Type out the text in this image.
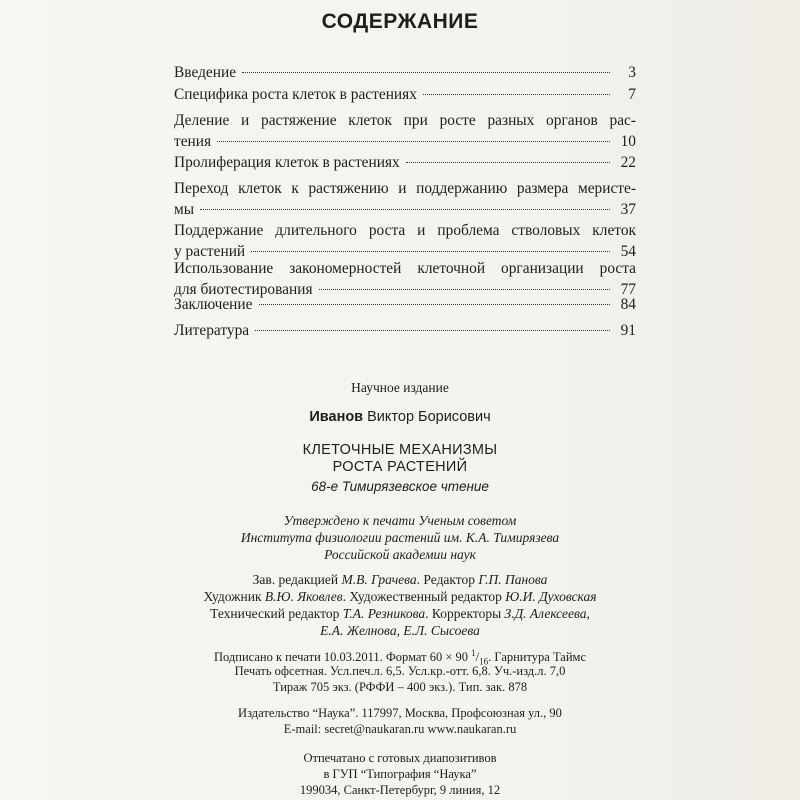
СОДЕРЖАНИЕ
Введение	3
Специфика роста клеток в растениях	7
Деление и растяжение клеток при росте разных органов рас-
тения	10
Пролиферация клеток в растениях	22
Переход клеток к растяжению и поддержанию размера меристе-
мы	37
Поддержание длительного роста и проблема стволовых клеток
у растений	54
Использование закономерностей клеточной организации роста
для биотестирования	77
Заключение	84
Литература	91
Научное издание
Иванов Виктор Борисович
КЛЕТОЧНЫЕ МЕХАНИЗМЫ
РОСТА РАСТЕНИЙ
68-е Тимирязевское чтение
Утверждено к печати Ученым советом
Института физиологии растений им. К.А. Тимирязева
Российской академии наук
Зав. редакцией М.В. Грачева. Редактор Г.П. Панова
Художник В.Ю. Яковлев. Художественный редактор Ю.И. Духовская
Технический редактор Т.А. Резникова. Корректоры З.Д. Алексеева,
Е.А. Желнова, Е.Л. Сысоева
Подписано к печати 10.03.2011. Формат 60 × 90 $^1/_{16}$. Гарнитура Таймс
Печать офсетная. Усл.печ.л. 6,5. Усл.кр.-отт. 6,8. Уч.-изд.л. 7,0
Тираж 705 экз. (РФФИ – 400 экз.). Тип. зак. 878
Издательство “Наука”. 117997, Москва, Профсоюзная ул., 90
E-mail: secret@naukaran.ru www.naukaran.ru
Отпечатано с готовых диапозитивов
в ГУП “Типография “Наука”
199034, Санкт-Петербург, 9 линия, 12
